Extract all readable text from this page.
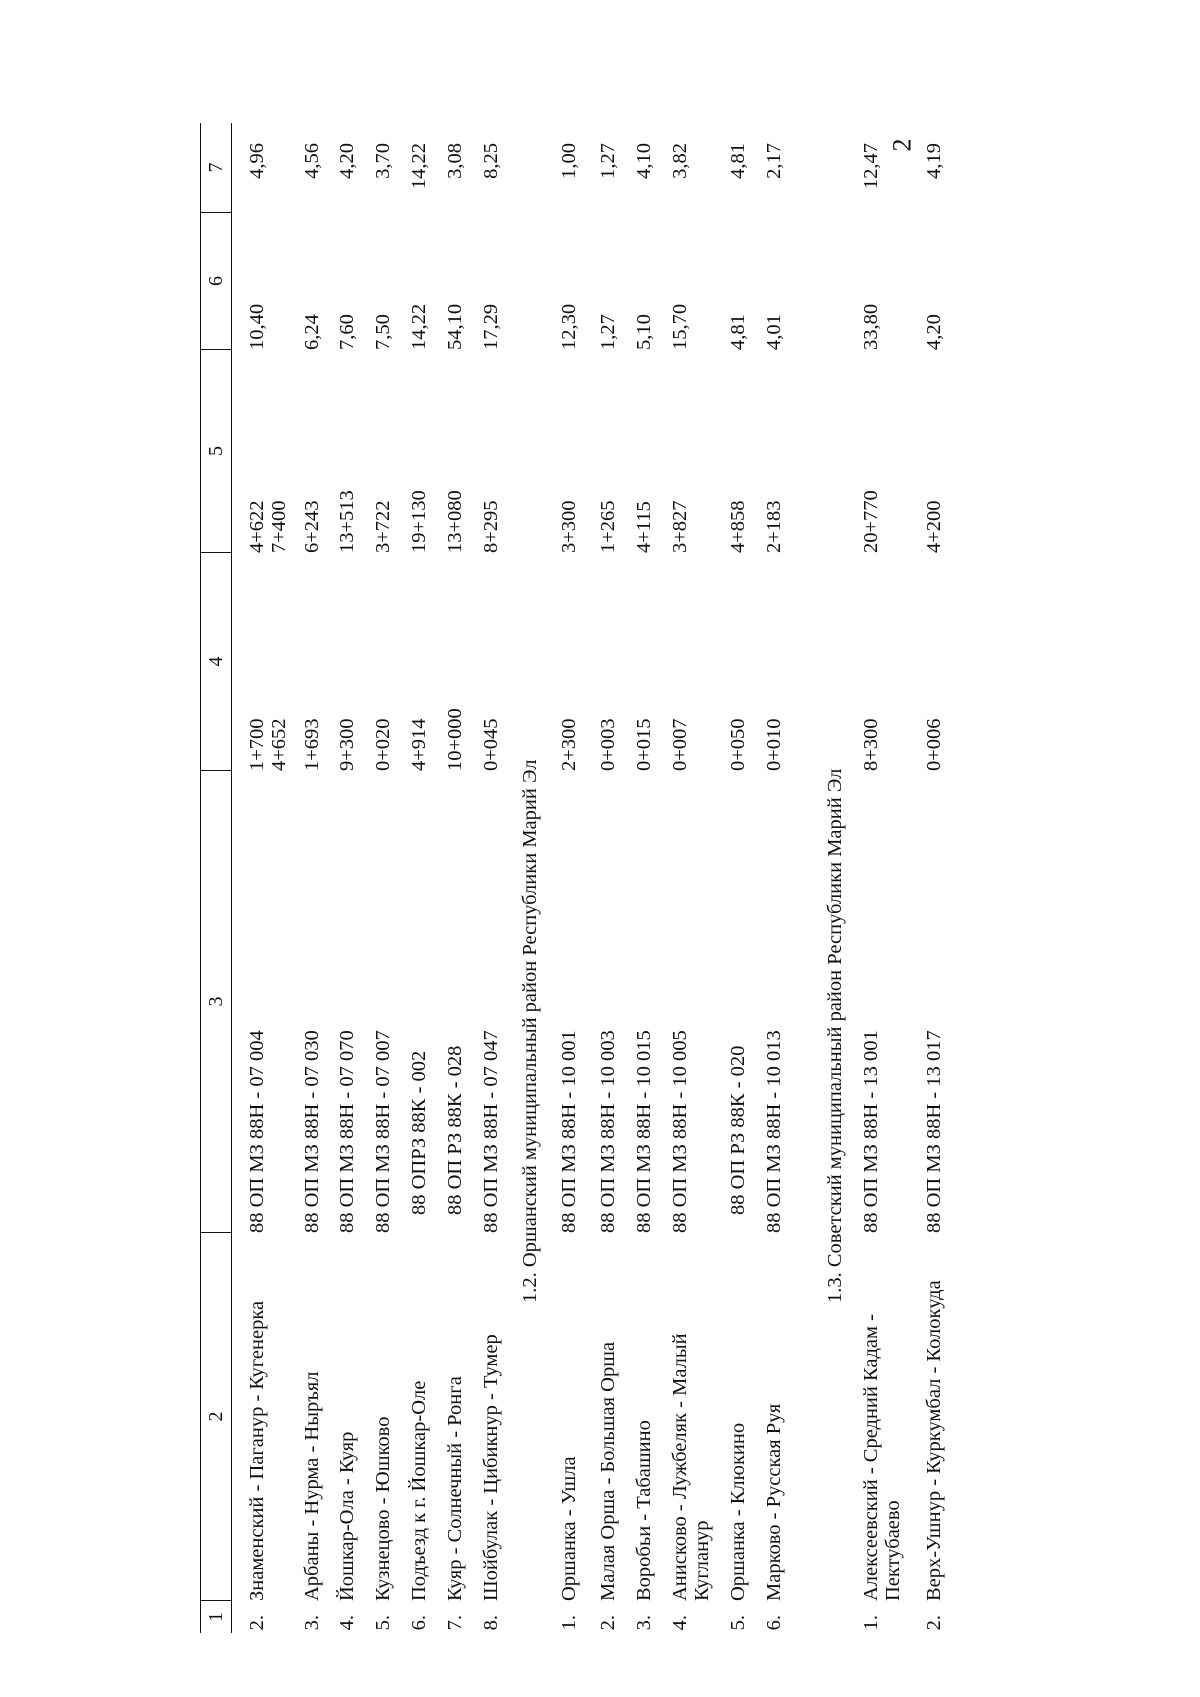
2
1
2
3
4
5
6
7
2.
Знаменский - Паганур - Кугенерка
88 ОП МЗ 88Н - 07 004
1+700
4+652
4+622
7+400
10,40
4,96
3.
Арбаны - Нурма - Ныръял
88 ОП МЗ 88Н - 07 030
1+693
6+243
6,24
4,56
4.
Йошкар-Ола - Куяр
88 ОП МЗ 88Н - 07 070
9+300
13+513
7,60
4,20
5.
Кузнецово - Юшково
88 ОП МЗ 88Н - 07 007
0+020
3+722
7,50
3,70
6.
Подъезд к г. Йошкар-Оле
88 ОПРЗ 88К - 002
4+914
19+130
14,22
14,22
7.
Куяр - Солнечный - Ронга
88 ОП РЗ 88К - 028
10+000
13+080
54,10
3,08
8.
Шойбулак - Цибикнур - Тумер
88 ОП МЗ 88Н - 07 047
0+045
8+295
17,29
8,25
1.2. Оршанский муниципальный район Республики Марий Эл
1.
Оршанка - Ушла
88 ОП МЗ 88Н - 10 001
2+300
3+300
12,30
1,00
2.
Малая Орша - Большая Орша
88 ОП МЗ 88Н - 10 003
0+003
1+265
1,27
1,27
3.
Воробьи - Табашино
88 ОП МЗ 88Н - 10 015
0+015
4+115
5,10
4,10
4.
Анисково - Лужбеляк - Малый Кугланур
88 ОП МЗ 88Н - 10 005
0+007
3+827
15,70
3,82
5.
Оршанка - Клюкино
88 ОП РЗ 88К - 020
0+050
4+858
4,81
4,81
6.
Марково - Русская Руя
88 ОП МЗ 88Н - 10 013
0+010
2+183
4,01
2,17
1.3. Советский муниципальный район Республики Марий Эл
1.
Алексеевский - Средний Кадам - Пектубаево
88 ОП МЗ 88Н - 13 001
8+300
20+770
33,80
12,47
2.
Верх-Ушнур - Куркумбал - Колокуда
88 ОП МЗ 88Н - 13 017
0+006
4+200
4,20
4,19
